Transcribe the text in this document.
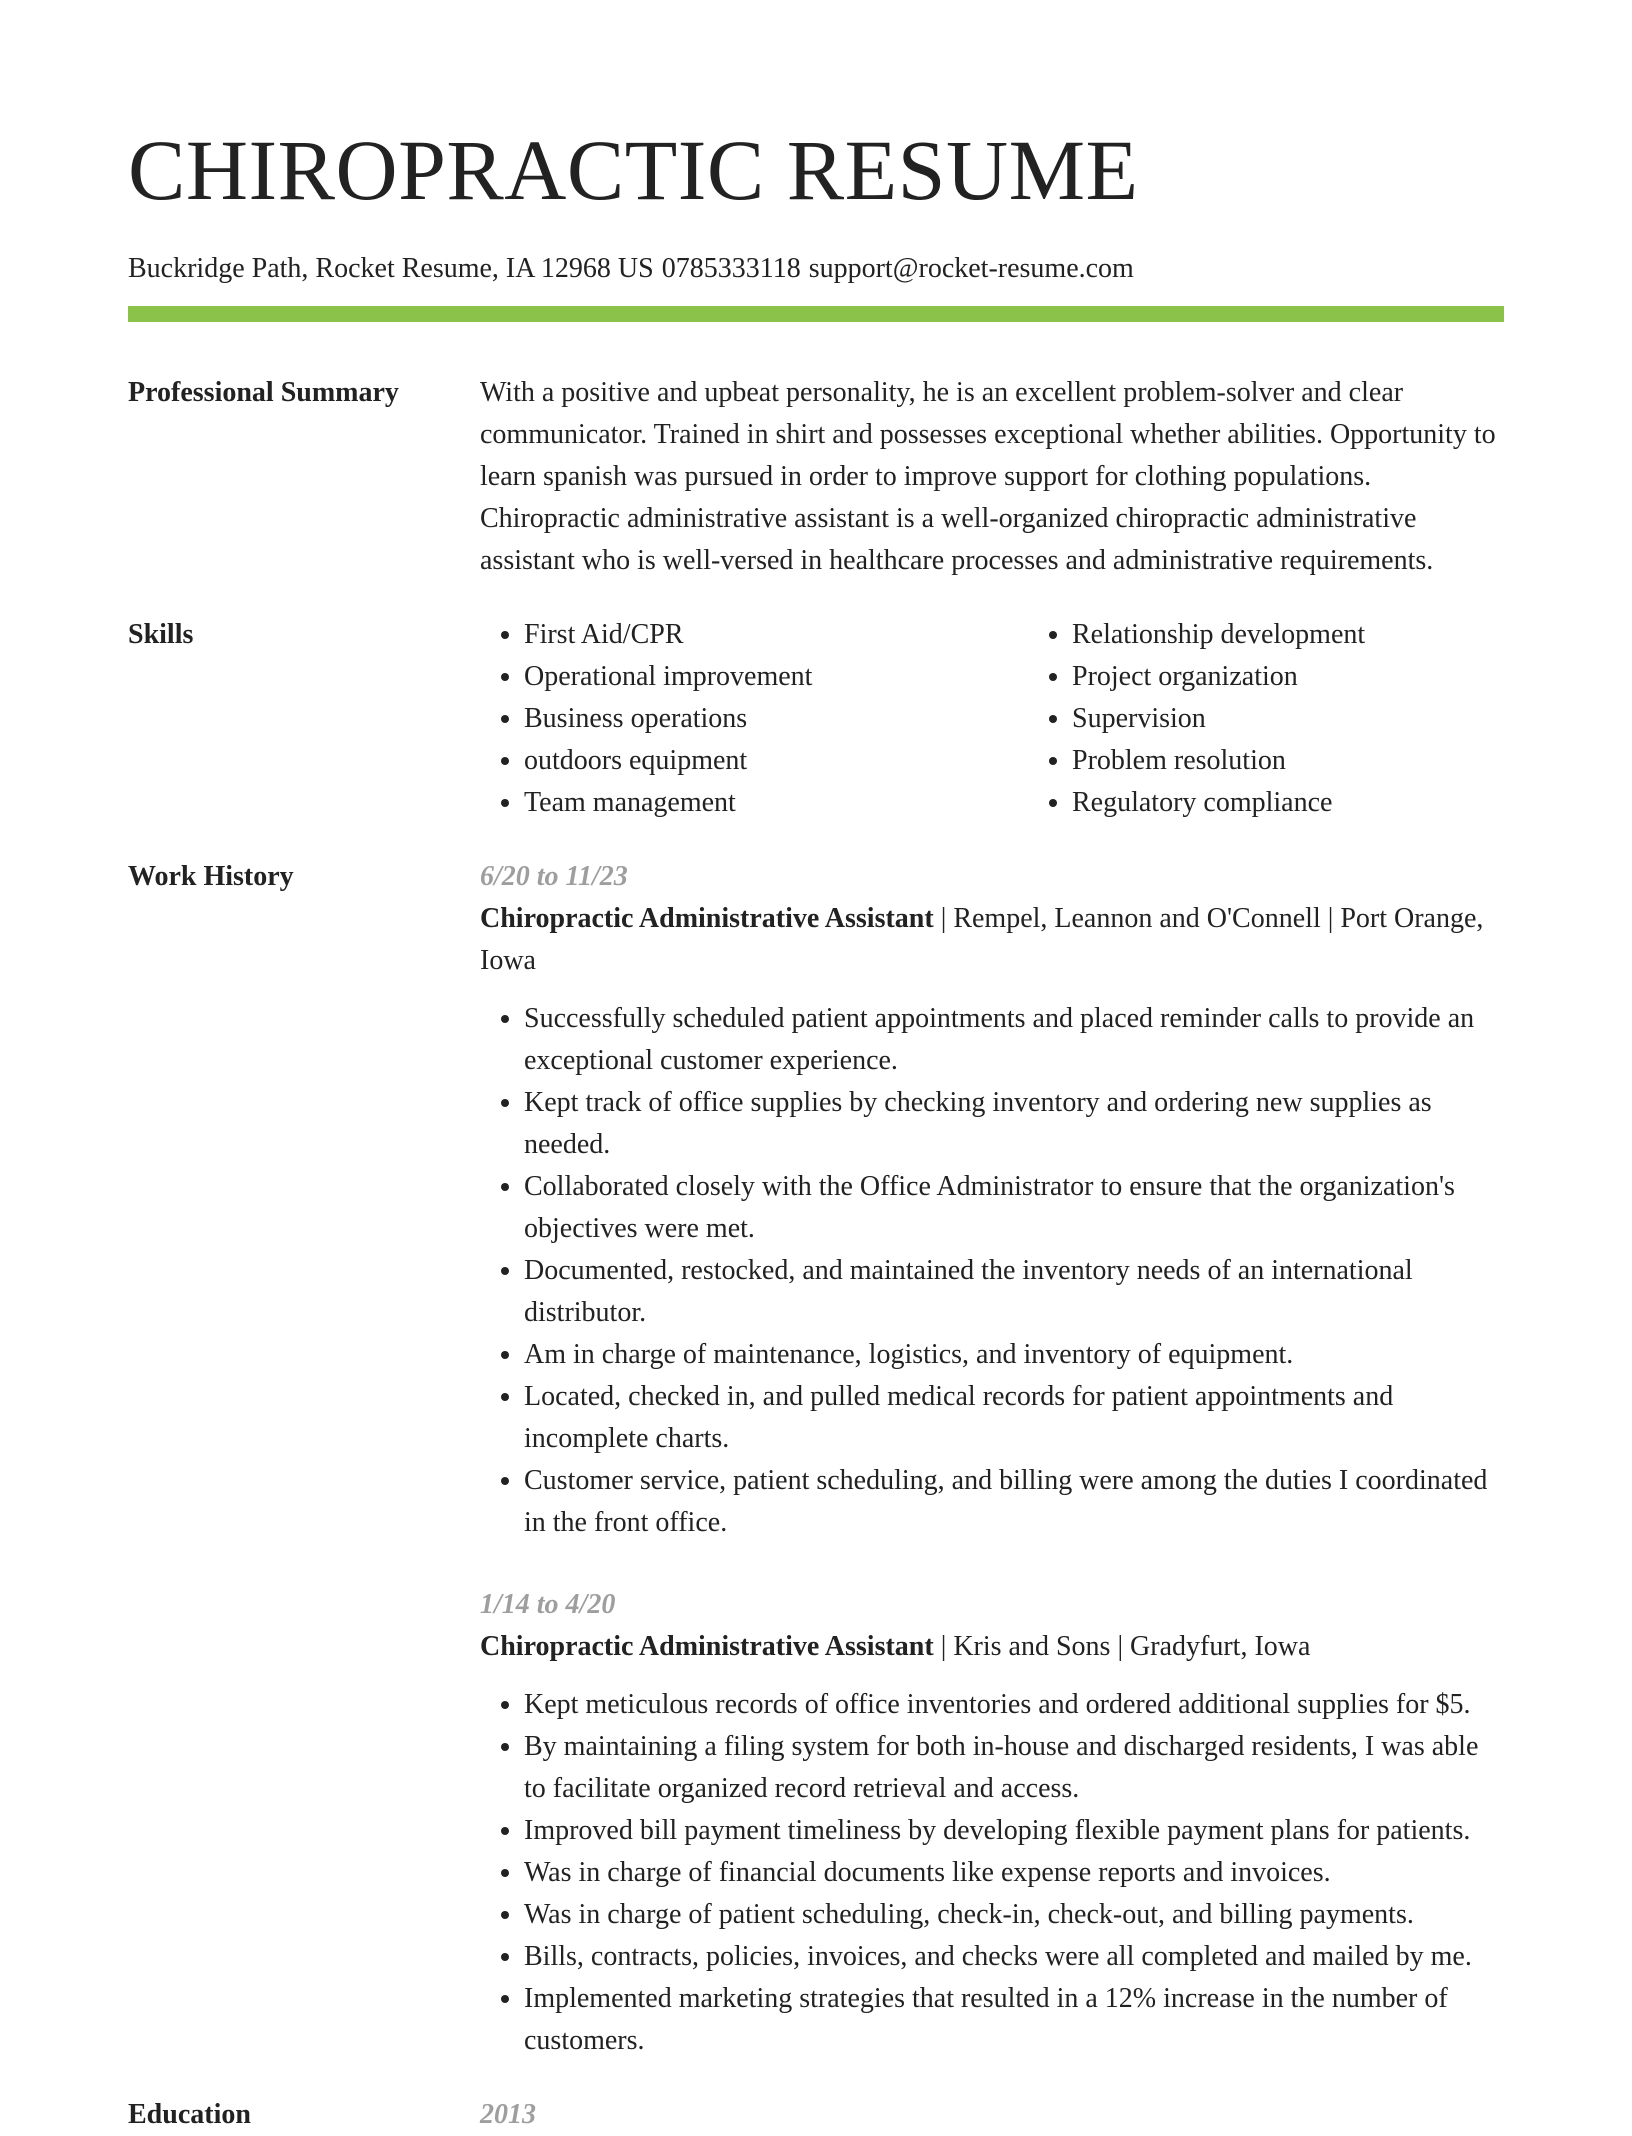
CHIROPRACTIC RESUME
Buckridge Path, Rocket Resume, IA 12968 US 0785333118 support@rocket-resume.com
Professional Summary	With a positive and upbeat personality, he is an excellent problem-solver and clear communicator. Trained in shirt and possesses exceptional whether abilities. Opportunity to learn spanish was pursued in order to improve support for clothing populations. Chiropractic administrative assistant is a well-organized chiropractic administrative assistant who is well-versed in healthcare processes and administrative requirements.

Skills
•	First Aid/CPR
• Operational improvement
• Business operations
• outdoors equipment
• Team management
• Relationship development
• Project organization
• Supervision
• Problem resolution
• Regulatory compliance
Work History	6/20 to 11/23
Chiropractic Administrative Assistant | Rempel, Leannon and O'Connell | Port Orange, Iowa
• Successfully scheduled patient appointments and placed reminder calls to provide an exceptional customer experience.
• Kept track of office supplies by checking inventory and ordering new supplies as needed.
• Collaborated closely with the Office Administrator to ensure that the organization's objectives were met.
• Documented, restocked, and maintained the inventory needs of an international distributor.
• Am in charge of maintenance, logistics, and inventory of equipment.
• Located, checked in, and pulled medical records for patient appointments and incomplete charts.
• Customer service, patient scheduling, and billing were among the duties I coordinated in the front office.
1/14 to 4/20
Chiropractic Administrative Assistant | Kris and Sons | Gradyfurt, Iowa
• Kept meticulous records of office inventories and ordered additional supplies for $5.
• By maintaining a filing system for both in-house and discharged residents, I was able to facilitate organized record retrieval and access.
• Improved bill payment timeliness by developing flexible payment plans for patients.
• Was in charge of financial documents like expense reports and invoices.
• Was in charge of patient scheduling, check-in, check-out, and billing payments.
• Bills, contracts, policies, invoices, and checks were all completed and mailed by me.
• Implemented marketing strategies that resulted in a 12% increase in the number of customers.
Education	2013
